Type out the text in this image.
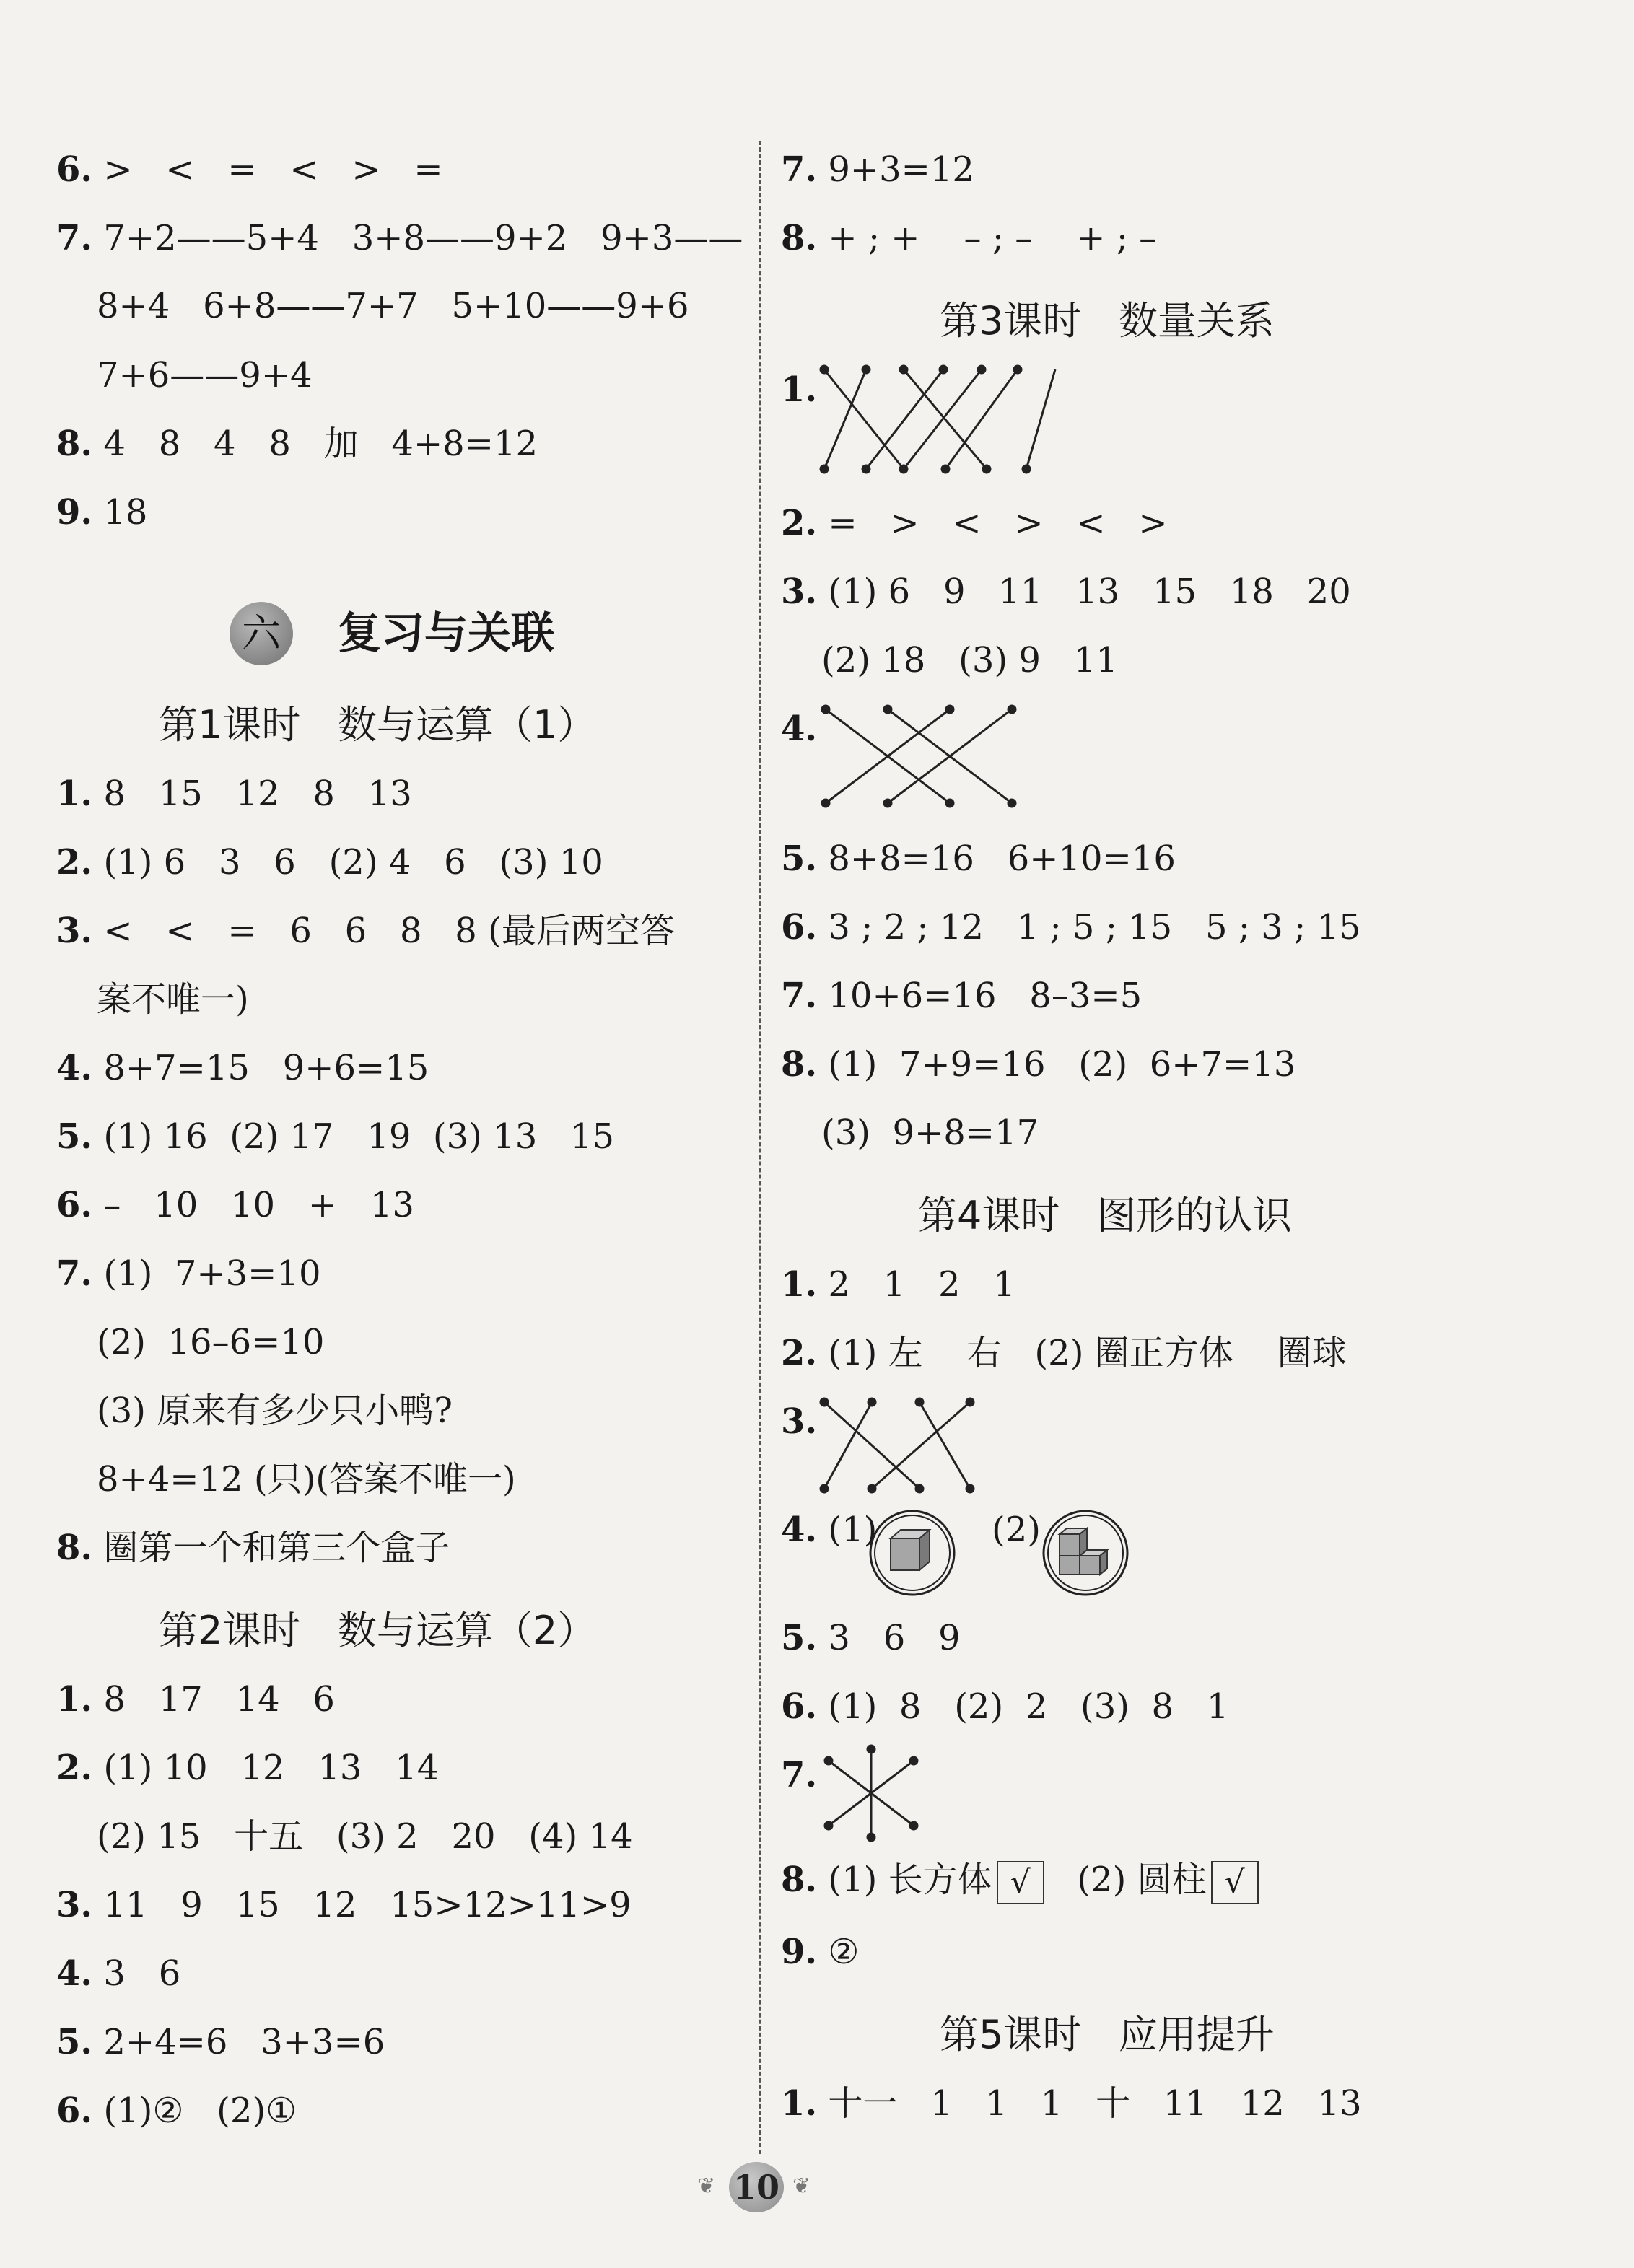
6. >   <   =   <   >   =
7. 7+2——5+4   3+8——9+2   9+3——
8+4   6+8——7+7   5+10——9+6
7+6——9+4
8. 4   8   4   8   加   4+8=12
9. 18
六 复习与关联
第1课时   数与运算（1）
1. 8   15   12   8   13
2. (1) 6   3   6   (2) 4   6   (3) 10
3. <   <   =   6   6   8   8 (最后两空答
案不唯一)
4. 8+7=15   9+6=15
5. (1) 16  (2) 17   19  (3) 13   15
6. –   10   10   +   13
7. (1)  7+3=10
(2)  16–6=10
(3) 原来有多少只小鸭?
8+4=12 (只)(答案不唯一)
8. 圈第一个和第三个盒子
第2课时   数与运算（2）
1. 8   17   14   6
2. (1) 10   12   13   14
(2) 15   十五   (3) 2   20   (4) 14
3. 11   9   15   12   15>12>11>9
4. 3   6
5. 2+4=6   3+3=6
6. (1)②   (2)①
7. 9+3=12
8. + ; +    – ; –    + ; –
第3课时   数量关系
1.
2. =   >   <   >   <   >
3. (1) 6   9   11   13   15   18   20
(2) 18   (3) 9   11
4.
5. 8+8=16   6+10=16
6. 3 ; 2 ; 12   1 ; 5 ; 15   5 ; 3 ; 15
7. 10+6=16   8–3=5
8. (1)  7+9=16   (2)  6+7=13
(3)  9+8=17
第4课时   图形的认识
1. 2   1   2   1
2. (1) 左    右   (2) 圈正方体    圈球
3.
4. (1)	(2)
5. 3   6   9
6. (1)  8   (2)  2   (3)  8   1
7.
8. (1) 长方体 √   (2) 圆柱 √
9. ②
第5课时   应用提升
1. 十一   1   1   1   十   11   12   13
❦ 10 ❦
